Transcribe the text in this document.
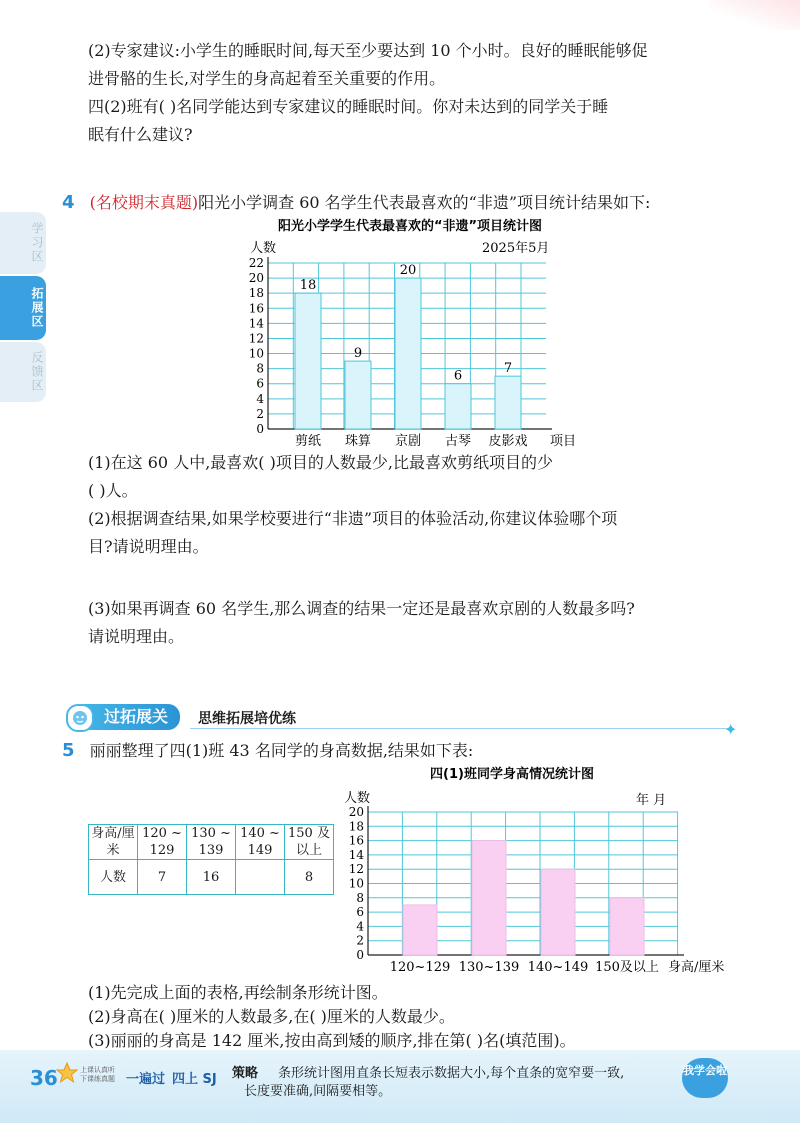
(2)专家建议:小学生的睡眠时间,每天至少要达到 10 个小时。良好的睡眠能够促
进骨骼的生长,对学生的身高起着至关重要的作用。
四(2)班有( )名同学能达到专家建议的睡眠时间。你对未达到的同学关于睡
眠有什么建议?
学习区
拓展区
反馈区
4 (名校期末真题)阳光小学调查 60 名学生代表最喜欢的“非遗”项目统计结果如下:
阳光小学学生代表最喜欢的“非遗”项目统计图
人数	2025年5月
0
2
4
6
8
10
12
14
16
18
20
22
剪纸
18
珠算
9
京剧
20
古琴
6
皮影戏
7
项目
(1)在这 60 人中,最喜欢( )项目的人数最少,比最喜欢剪纸项目的少
( )人。
(2)根据调查结果,如果学校要进行“非遗”项目的体验活动,你建议体验哪个项
目?请说明理由。
(3)如果再调查 60 名学生,那么调查的结果一定还是最喜欢京剧的人数最多吗?
请说明理由。
过拓展关	思维拓展培优练
✦
5 丽丽整理了四(1)班 43 名同学的身高数据,结果如下表:
身高/厘米	120 ~ 129	130 ~ 139	140 ~ 149	150 及以上
人数	7	16		8
四(1)班同学身高情况统计图
人数	年 月
0
2
4
6
8
10
12
14
16
18
20
120~129 130~139 140~149 150及以上 身高/厘米
(1)先完成上面的表格,再绘制条形统计图。
(2)身高在( )厘米的人数最多,在( )厘米的人数最少。
(3)丽丽的身高是 142 厘米,按由高到矮的顺序,排在第( )名(填范围)。
36	上课认真听 下课练真题 一遍过 四上 SJ 策略 条形统计图用直条长短表示数据大小,每个直条的宽窄要一致,
长度要准确,间隔要相等。
我学会啦
